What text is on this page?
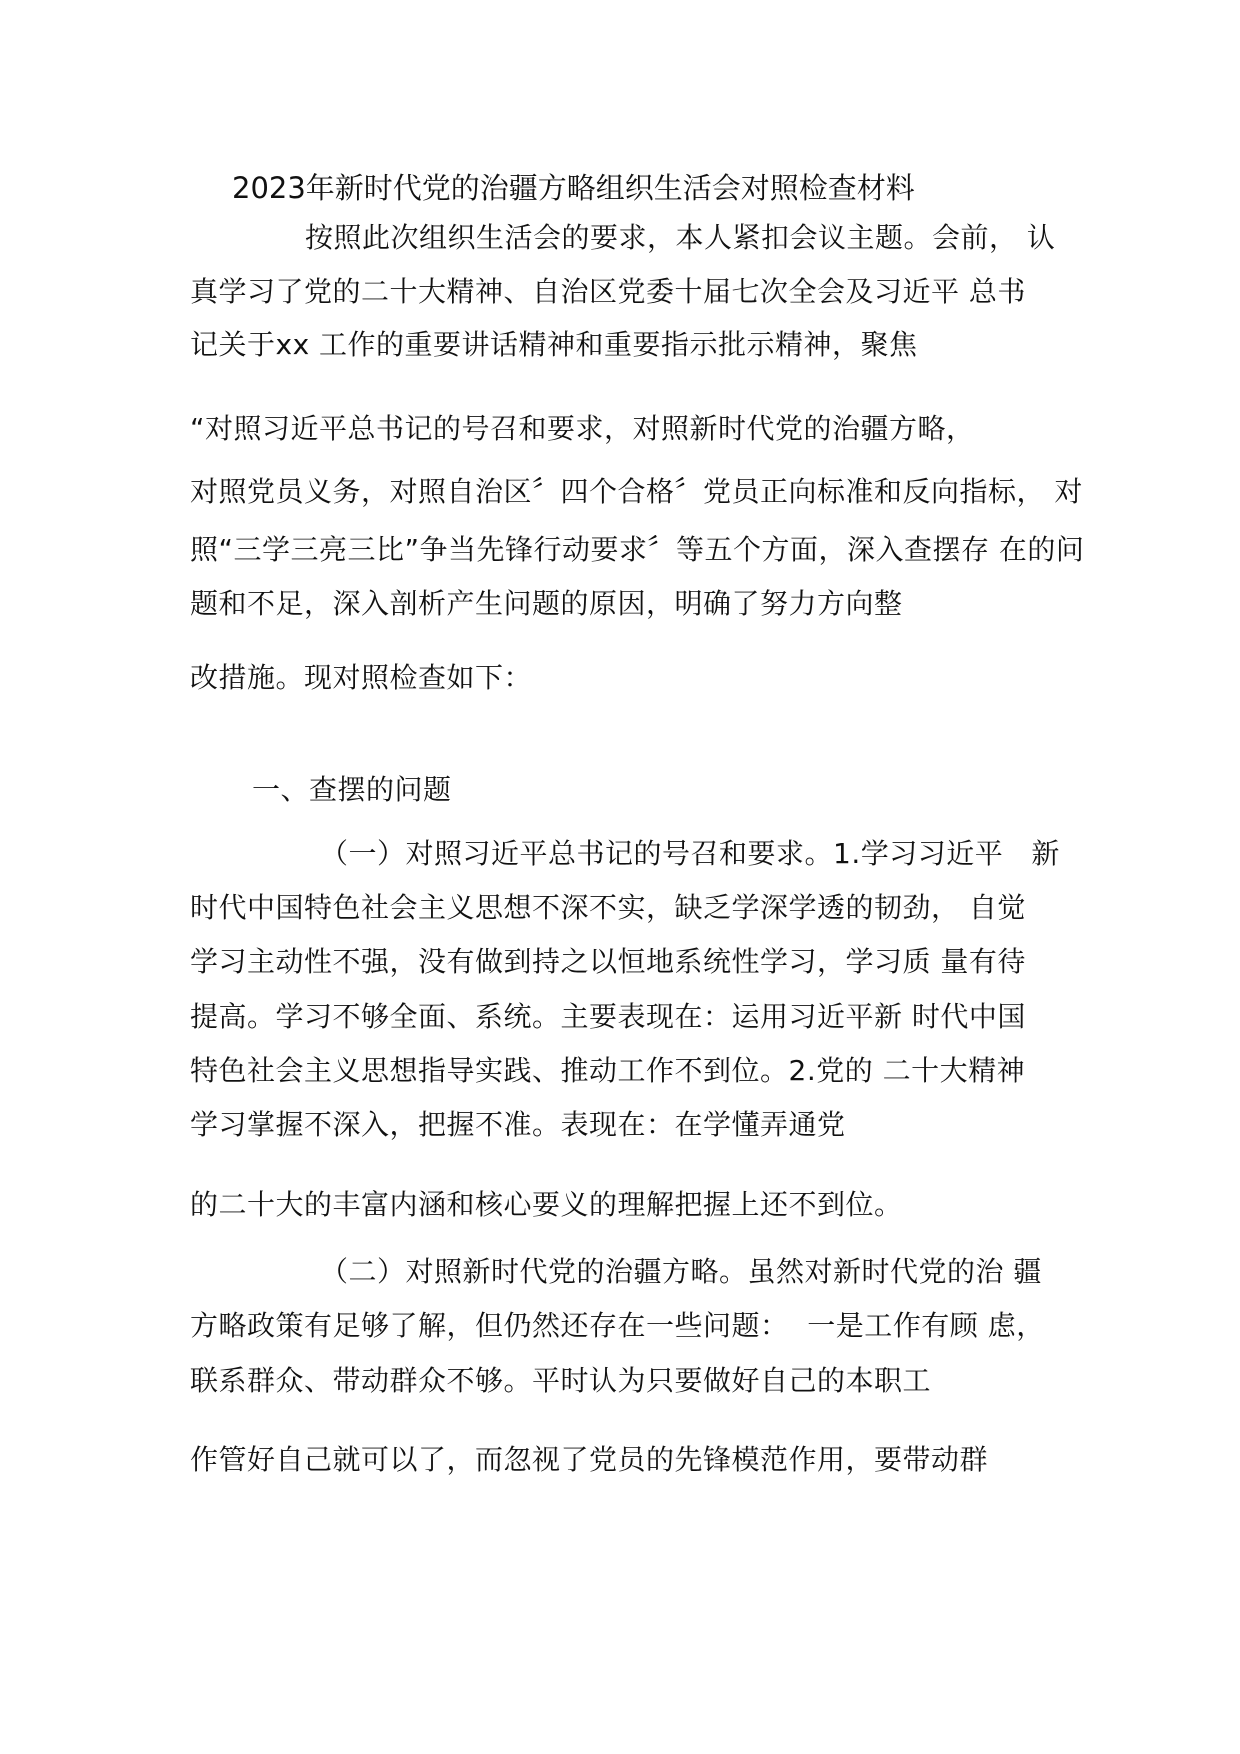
2023年新时代党的治疆方略组织生活会对照检查材料
按照此次组织生活会的要求，本人紧扣会议主题。会前， 认
真学习了党的二十大精神、自治区党委十届七次全会及习近平 总书
记关于xx 工作的重要讲话精神和重要指示批示精神，聚焦
“对照习近平总书记的号召和要求，对照新时代党的治疆方略，
对照党员义务，对照自治区〞四个合格〞党员正向标准和反向指标， 对
照“三学三亮三比”争当先锋行动要求〞等五个方面，深入查摆存 在的问
题和不足，深入剖析产生问题的原因，明确了努力方向整
改措施。现对照检查如下：
一、查摆的问题
（一）对照习近平总书记的号召和要求。1.学习习近平   新
时代中国特色社会主义思想不深不实，缺乏学深学透的韧劲， 自觉
学习主动性不强，没有做到持之以恒地系统性学习，学习质 量有待
提高。学习不够全面、系统。主要表现在：运用习近平新 时代中国
特色社会主义思想指导实践、推动工作不到位。2.党的 二十大精神
学习掌握不深入，把握不准。表现在：在学懂弄通党
的二十大的丰富内涵和核心要义的理解把握上还不到位。
（二）对照新时代党的治疆方略。虽然对新时代党的治 疆
方略政策有足够了解，但仍然还存在一些问题：  一是工作有顾 虑，
联系群众、带动群众不够。平时认为只要做好自己的本职工
作管好自己就可以了，而忽视了党员的先锋模范作用，要带动群
